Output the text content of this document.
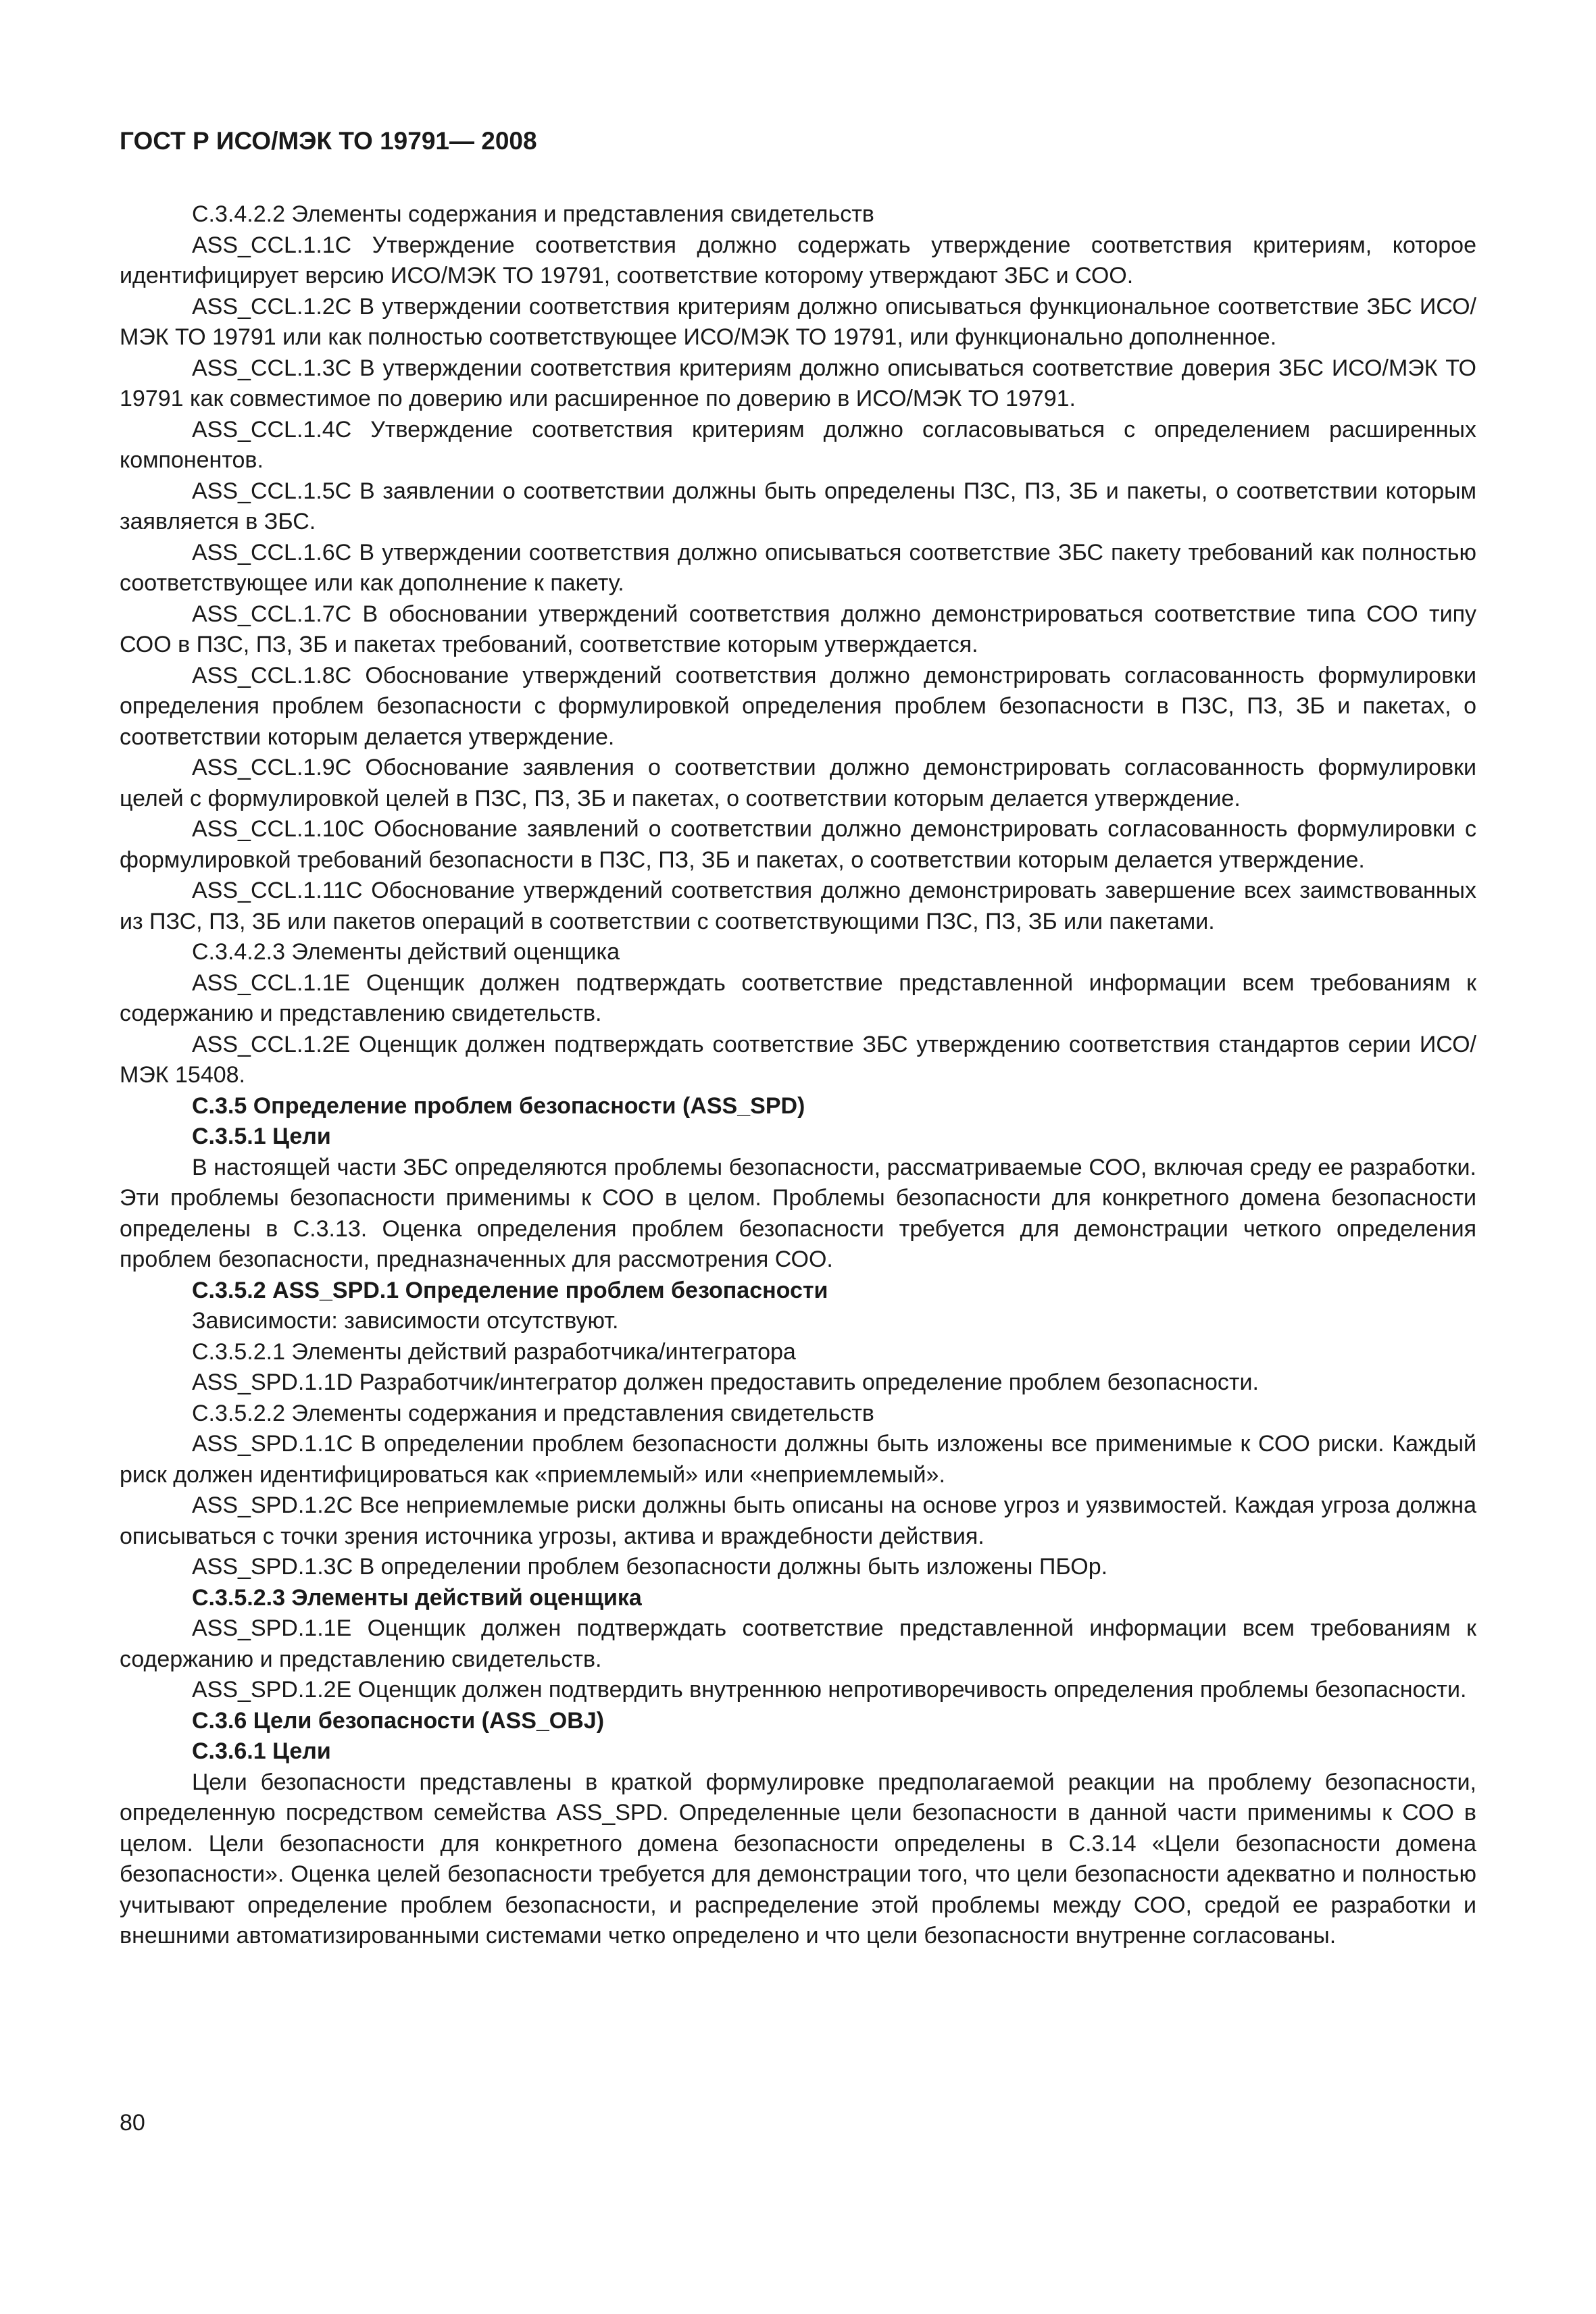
ГОСТ Р ИСО/МЭК ТО 19791— 2008

С.3.4.2.2 Элементы содержания и представления свидетельств

ASS_CCL.1.1C Утверждение соответствия должно содержать утверждение соответствия критериям, которое идентифицирует версию ИСО/МЭК ТО 19791, соответствие которому утверждают ЗБС и СОО.

ASS_CCL.1.2C В утверждении соответствия критериям должно описываться функциональное соответствие ЗБС ИСО/МЭК ТО 19791 или как полностью соответствующее ИСО/МЭК ТО 19791, или функционально дополненное.

ASS_CCL.1.3C В утверждении соответствия критериям должно описываться соответствие доверия ЗБС ИСО/МЭК ТО 19791 как совместимое по доверию или расширенное по доверию в ИСО/МЭК ТО 19791.

ASS_CCL.1.4C Утверждение соответствия критериям должно согласовываться с определением расширенных компонентов.

ASS_CCL.1.5C В заявлении о соответствии должны быть определены ПЗС, ПЗ, ЗБ и пакеты, о соответствии которым заявляется в ЗБС.

ASS_CCL.1.6C В утверждении соответствия должно описываться соответствие ЗБС пакету требований как полностью соответствующее или как дополнение к пакету.

ASS_CCL.1.7C В обосновании утверждений соответствия должно демонстрироваться соответствие типа СОО типу СОО в ПЗС, ПЗ, ЗБ и пакетах требований, соответствие которым утверждается.

ASS_CCL.1.8C Обоснование утверждений соответствия должно демонстрировать согласованность формулировки определения проблем безопасности с формулировкой определения проблем безопасности в ПЗС, ПЗ, ЗБ и пакетах, о соответствии которым делается утверждение.

ASS_CCL.1.9C Обоснование заявления о соответствии должно демонстрировать согласованность формулировки целей с формулировкой целей в ПЗС, ПЗ, ЗБ и пакетах, о соответствии которым делается утверждение.

ASS_CCL.1.10C Обоснование заявлений о соответствии должно демонстрировать согласованность формулировки с формулировкой требований безопасности в ПЗС, ПЗ, ЗБ и пакетах, о соответствии которым делается утверждение.

ASS_CCL.1.11C Обоснование утверждений соответствия должно демонстрировать завершение всех заимствованных из ПЗС, ПЗ, ЗБ или пакетов операций в соответствии с соответствующими ПЗС, ПЗ, ЗБ или пакетами.

С.3.4.2.3 Элементы действий оценщика

ASS_CCL.1.1E Оценщик должен подтверждать соответствие представленной информации всем требованиям к содержанию и представлению свидетельств.

ASS_CCL.1.2E Оценщик должен подтверждать соответствие ЗБС утверждению соответствия стандартов серии ИСО/МЭК 15408.

С.3.5 Определение проблем безопасности (ASS_SPD)

С.3.5.1 Цели

В настоящей части ЗБС определяются проблемы безопасности, рассматриваемые СОО, включая среду ее разработки. Эти проблемы безопасности применимы к СОО в целом. Проблемы безопасности для конкретного домена безопасности определены в С.3.13. Оценка определения проблем безопасности требуется для демонстрации четкого определения проблем безопасности, предназначенных для рассмотрения СОО.

С.3.5.2 ASS_SPD.1 Определение проблем безопасности

Зависимости: зависимости отсутствуют.

С.3.5.2.1 Элементы действий разработчика/интегратора

ASS_SPD.1.1D Разработчик/интегратор должен предоставить определение проблем безопасности.

С.3.5.2.2 Элементы содержания и представления свидетельств

ASS_SPD.1.1C В определении проблем безопасности должны быть изложены все применимые к СОО риски. Каждый риск должен идентифицироваться как «приемлемый» или «неприемлемый».

ASS_SPD.1.2C Все неприемлемые риски должны быть описаны на основе угроз и уязвимостей. Каждая угроза должна описываться с точки зрения источника угрозы, актива и враждебности действия.

ASS_SPD.1.3C В определении проблем безопасности должны быть изложены ПБОр.

С.3.5.2.3 Элементы действий оценщика

ASS_SPD.1.1E Оценщик должен подтверждать соответствие представленной информации всем требованиям к содержанию и представлению свидетельств.

ASS_SPD.1.2E Оценщик должен подтвердить внутреннюю непротиворечивость определения проблемы безопасности.

С.3.6 Цели безопасности (ASS_OBJ)

С.3.6.1 Цели

Цели безопасности представлены в краткой формулировке предполагаемой реакции на проблему безопасности, определенную посредством семейства ASS_SPD. Определенные цели безопасности в данной части применимы к СОО в целом. Цели безопасности для конкретного домена безопасности определены в С.3.14 «Цели безопасности домена безопасности». Оценка целей безопасности требуется для демонстрации того, что цели безопасности адекватно и полностью учитывают определение проблем безопасности, и распределение этой проблемы между СОО, средой ее разработки и внешними автоматизированными системами четко определено и что цели безопасности внутренне согласованы.

80
